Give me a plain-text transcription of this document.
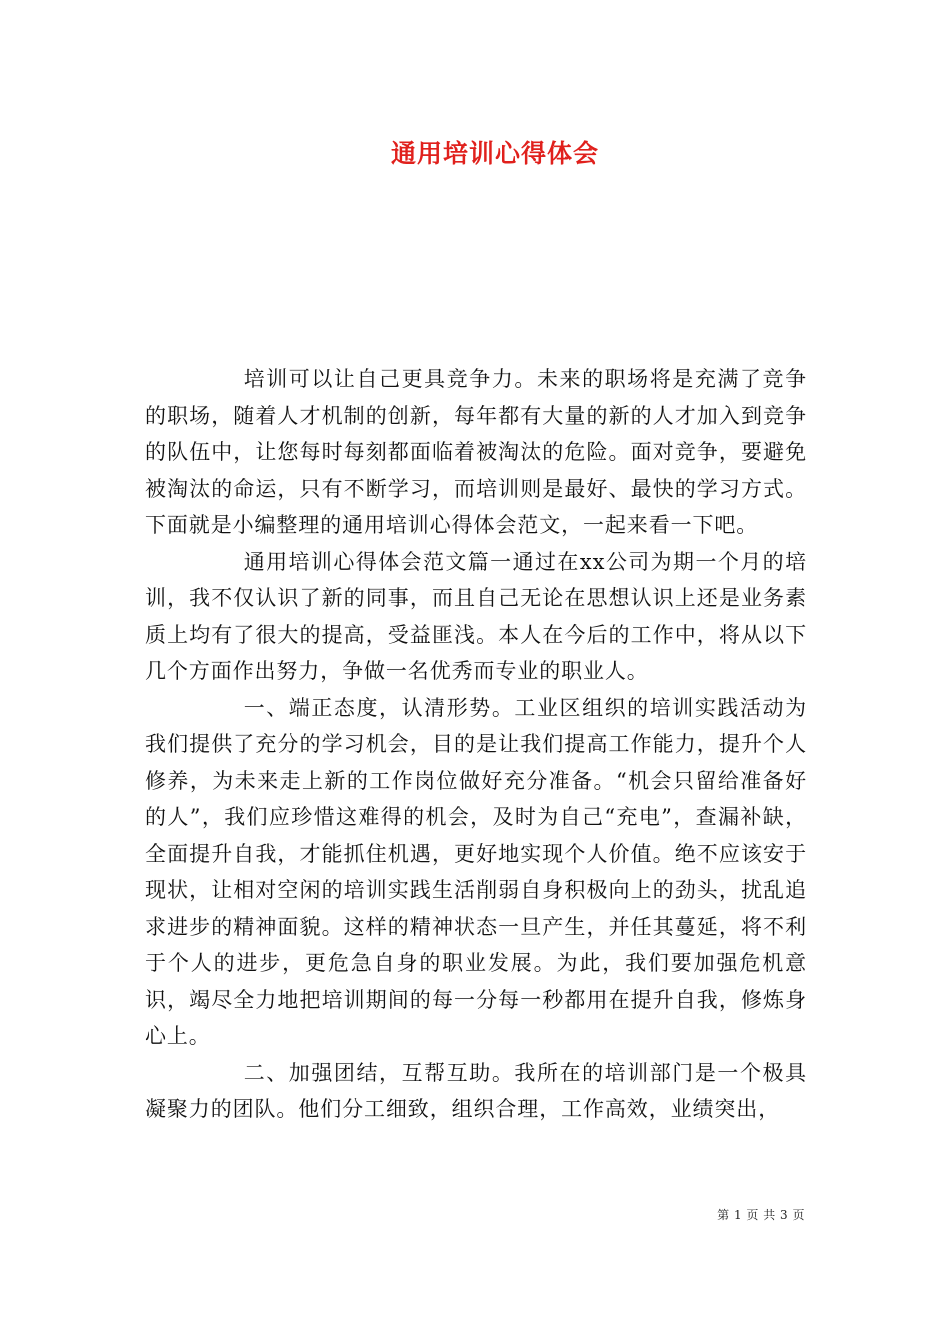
通用培训心得体会

培训可以让自己更具竞争力。未来的职场将是充满了竞争的职场，随着人才机制的创新，每年都有大量的新的人才加入到竞争的队伍中，让您每时每刻都面临着被淘汰的危险。面对竞争，要避免被淘汰的命运，只有不断学习，而培训则是最好、最快的学习方式。下面就是小编整理的通用培训心得体会范文，一起来看一下吧。

通用培训心得体会范文篇一通过在xx公司为期一个月的培训，我不仅认识了新的同事，而且自己无论在思想认识上还是业务素质上均有了很大的提高，受益匪浅。本人在今后的工作中，将从以下几个方面作出努力，争做一名优秀而专业的职业人。

一、端正态度，认清形势。工业区组织的培训实践活动为我们提供了充分的学习机会，目的是让我们提高工作能力，提升个人修养，为未来走上新的工作岗位做好充分准备。“机会只留给准备好的人”，我们应珍惜这难得的机会，及时为自己“充电”，查漏补缺，全面提升自我，才能抓住机遇，更好地实现个人价值。绝不应该安于现状，让相对空闲的培训实践生活削弱自身积极向上的劲头，扰乱追求进步的精神面貌。这样的精神状态一旦产生，并任其蔓延，将不利于个人的进步，更危急自身的职业发展。为此，我们要加强危机意识，竭尽全力地把培训期间的每一分每一秒都用在提升自我，修炼身心上。

二、加强团结，互帮互助。我所在的培训部门是一个极具凝聚力的团队。他们分工细致，组织合理，工作高效，业绩突出，

第 1 页 共 3 页
